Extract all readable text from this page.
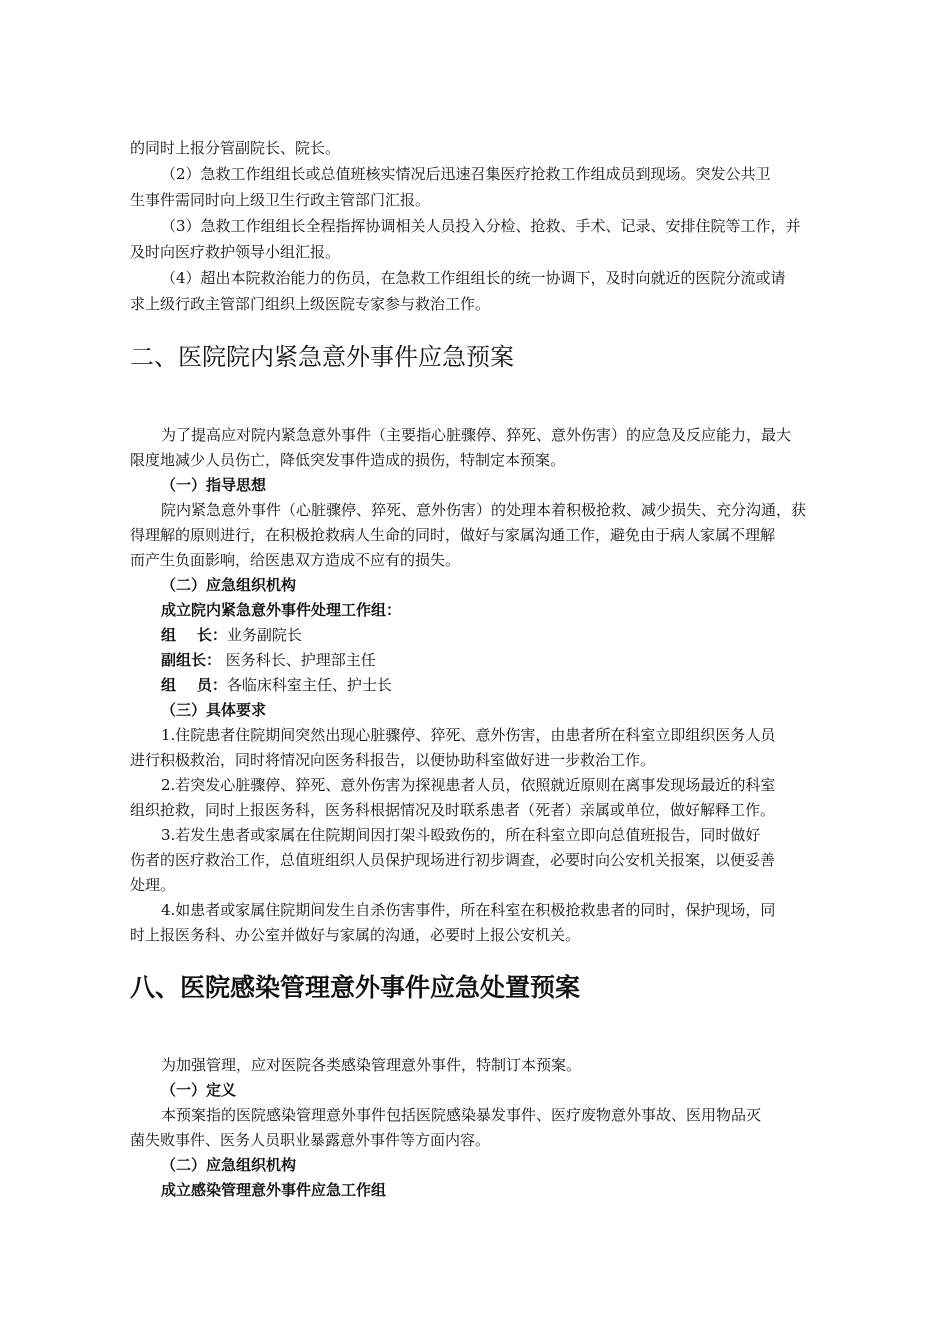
的同时上报分管副院长、院长。
（2）急救工作组组长或总值班核实情况后迅速召集医疗抢救工作组成员到现场。突发公共卫
生事件需同时向上级卫生行政主管部门汇报。
（3）急救工作组组长全程指挥协调相关人员投入分检、抢救、手术、记录、安排住院等工作，并
及时向医疗救护领导小组汇报。
（4）超出本院救治能力的伤员，在急救工作组组长的统一协调下，及时向就近的医院分流或请
求上级行政主管部门组织上级医院专家参与救治工作。
二、医院院内紧急意外事件应急预案
为了提高应对院内紧急意外事件（主要指心脏骤停、猝死、意外伤害）的应急及反应能力，最大
限度地减少人员伤亡，降低突发事件造成的损伤，特制定本预案。
（一）指导思想
院内紧急意外事件（心脏骤停、猝死、意外伤害）的处理本着积极抢救、减少损失、充分沟通，获
得理解的原则进行，在积极抢救病人生命的同时，做好与家属沟通工作，避免由于病人家属不理解
而产生负面影响，给医患双方造成不应有的损失。
（二）应急组织机构
成立院内紧急意外事件处理工作组：
组    长：业务副院长
副组长： 医务科长、护理部主任
组    员：各临床科室主任、护士长
（三）具体要求
1.住院患者住院期间突然出现心脏骤停、猝死、意外伤害，由患者所在科室立即组织医务人员
进行积极救治，同时将情况向医务科报告，以便协助科室做好进一步救治工作。
2.若突发心脏骤停、猝死、意外伤害为探视患者人员，依照就近原则在离事发现场最近的科室
组织抢救，同时上报医务科，医务科根据情况及时联系患者（死者）亲属或单位，做好解释工作。
3.若发生患者或家属在住院期间因打架斗殴致伤的，所在科室立即向总值班报告，同时做好
伤者的医疗救治工作，总值班组织人员保护现场进行初步调查，必要时向公安机关报案，以便妥善
处理。
4.如患者或家属住院期间发生自杀伤害事件，所在科室在积极抢救患者的同时，保护现场，同
时上报医务科、办公室并做好与家属的沟通，必要时上报公安机关。
八、医院感染管理意外事件应急处置预案
为加强管理，应对医院各类感染管理意外事件，特制订本预案。
（一）定义
本预案指的医院感染管理意外事件包括医院感染暴发事件、医疗废物意外事故、医用物品灭
菌失败事件、医务人员职业暴露意外事件等方面内容。
（二）应急组织机构
成立感染管理意外事件应急工作组
